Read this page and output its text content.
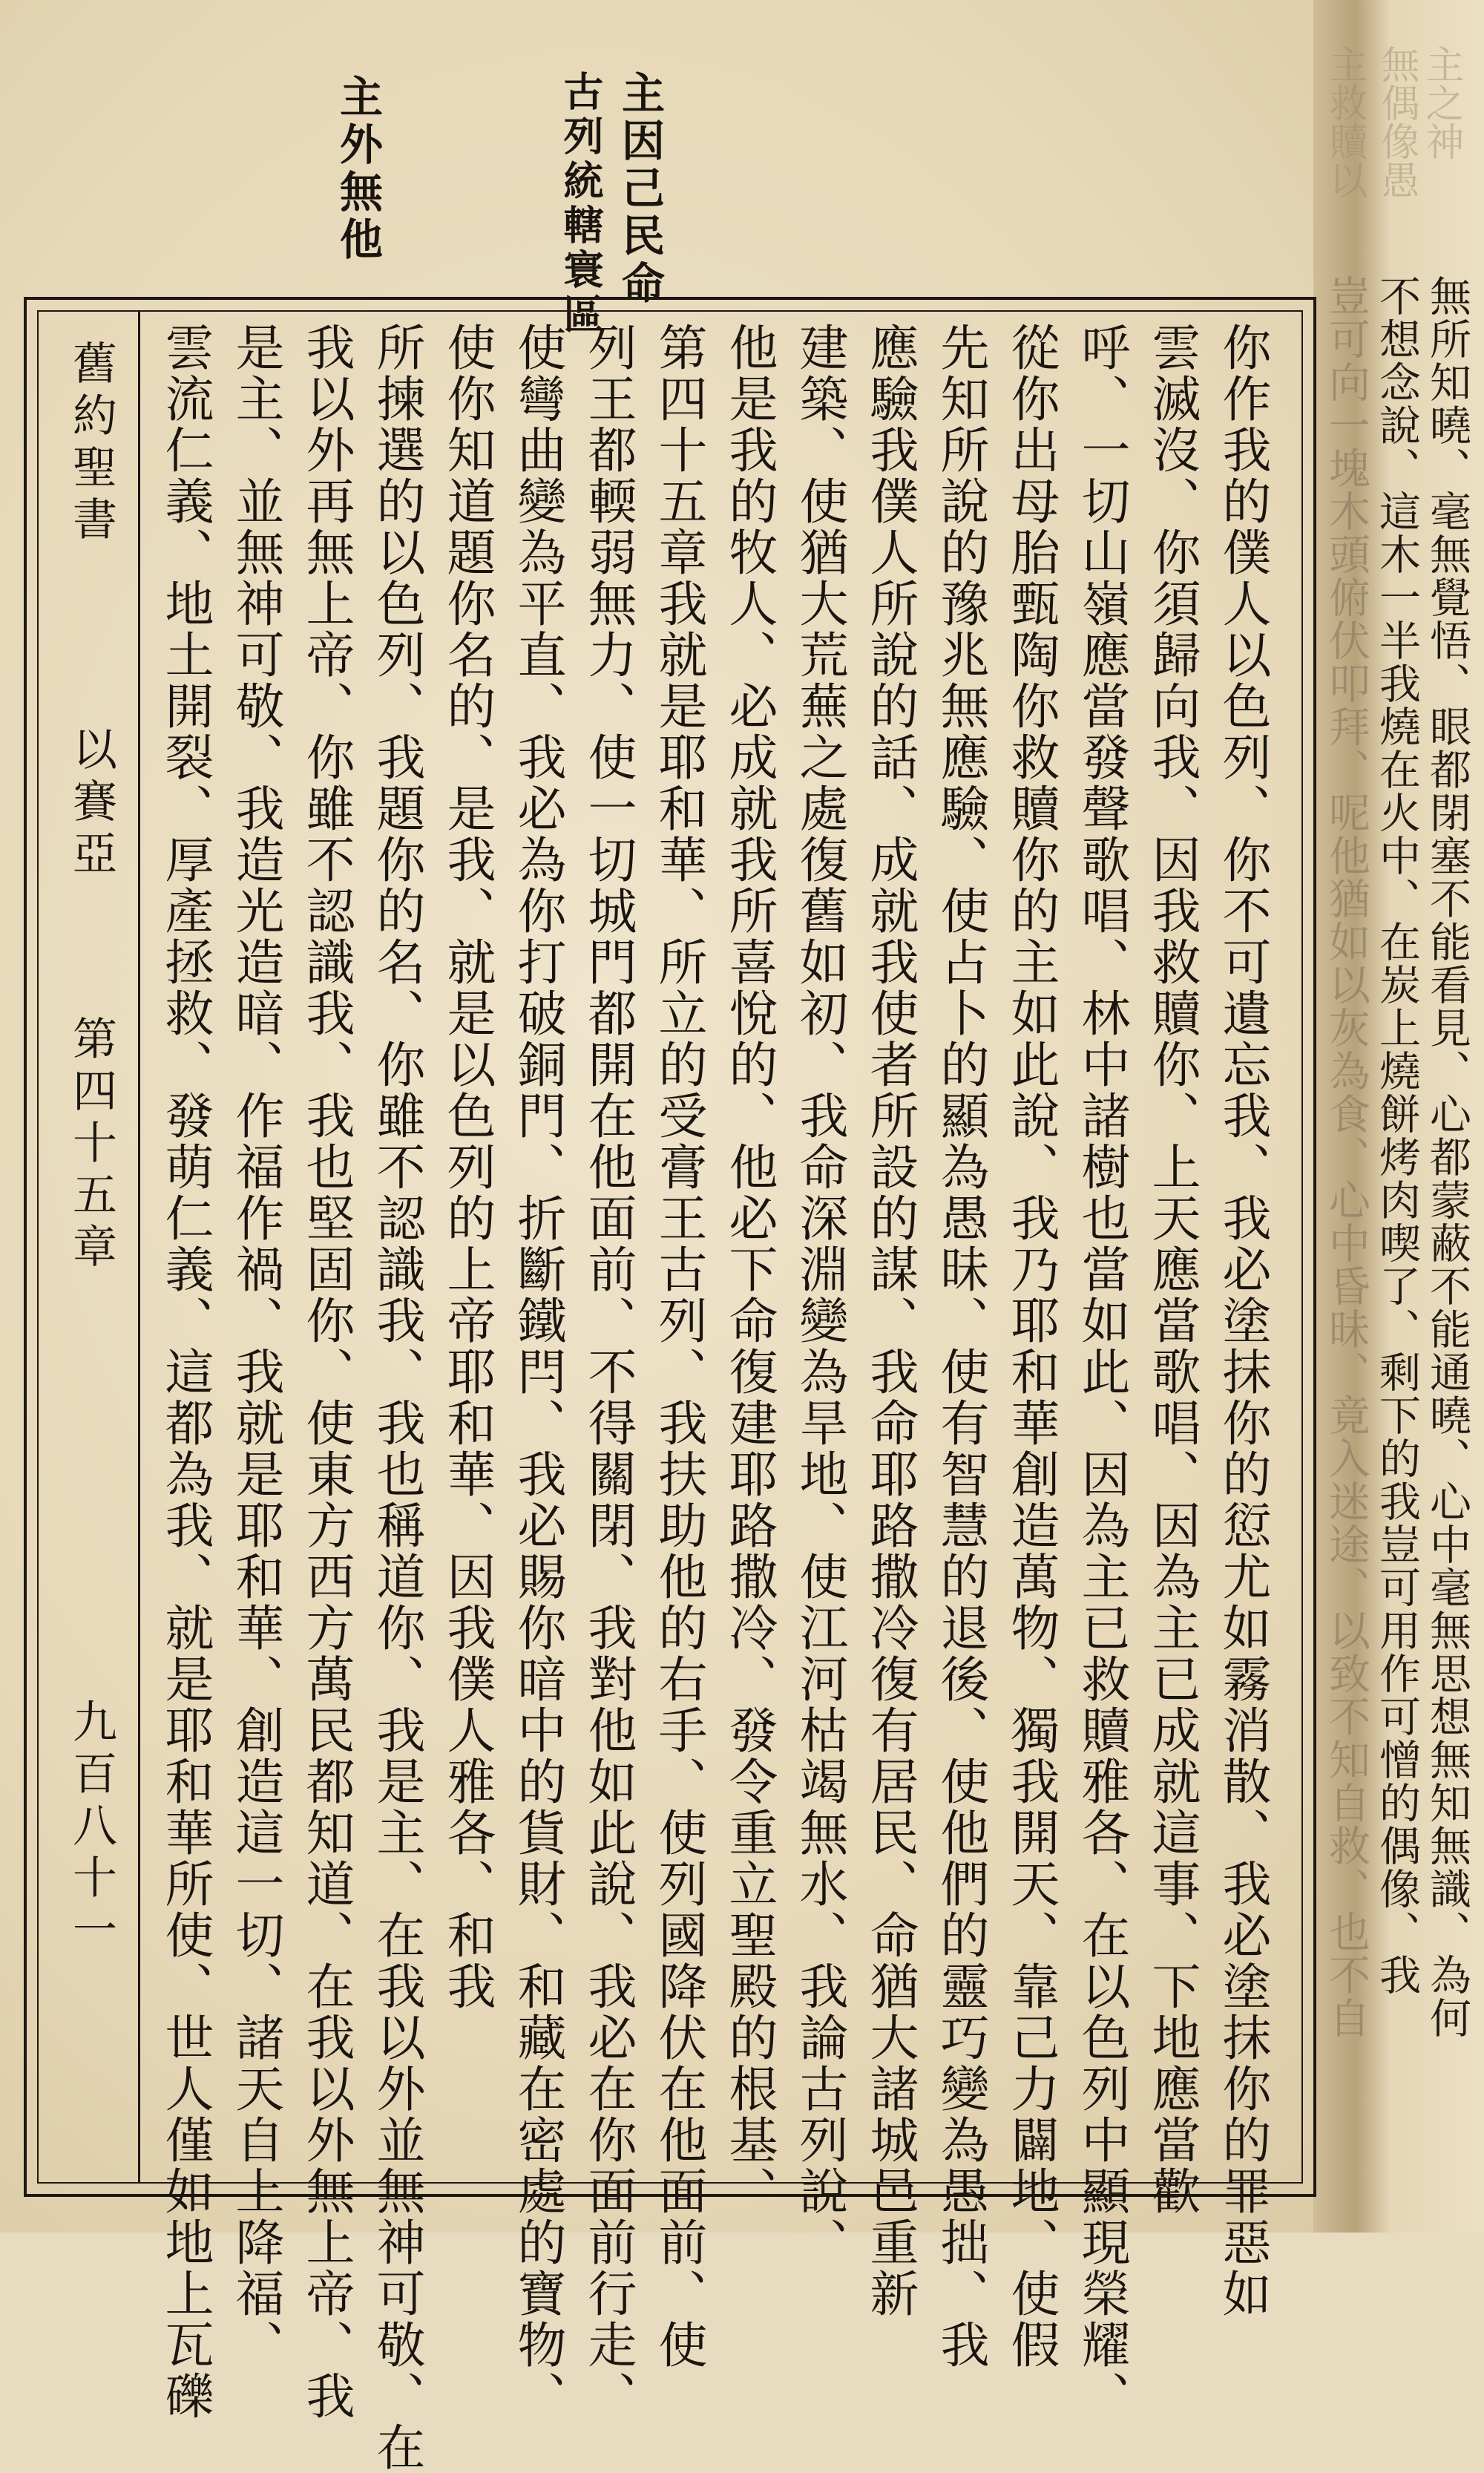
主救贖以 無偶像愚 主之神
無所知曉、毫無覺悟、眼都閉塞不能看見、心都蒙蔽不能通曉、心中毫無思想無知無識、為何
不想念說、這木一半我燒在火中、在炭上燒餅烤肉喫了、剩下的我豈可用作可憎的偶像、我
豈可向一塊木頭俯伏叩拜、呢他猶如以灰為食、心中昏昧、竟入迷途、以致不知自救、也不自
主因己民命
古列統轄寰區
主外無他
舊約聖書
以賽亞
第四十五章
九百八十一	你作我的僕人以色列、你不可遺忘我、我必塗抹你的愆尤如霧消散、我必塗抹你的罪惡如
雲滅沒、你須歸向我、因我救贖你、上天應當歌唱、因為主已成就這事、下地應當歡
呼、一切山嶺應當發聲歌唱、林中諸樹也當如此、因為主已救贖雅各、在以色列中顯現榮耀、
從你出母胎甄陶你救贖你的主如此說、我乃耶和華創造萬物、獨我開天、靠己力闢地、使假
先知所說的豫兆無應驗、使占卜的顯為愚昧、使有智慧的退後、使他們的靈巧變為愚拙、我
應驗我僕人所說的話、成就我使者所設的謀、我命耶路撒冷復有居民、命猶大諸城邑重新
建築、使猶大荒蕪之處復舊如初、我命深淵變為旱地、使江河枯竭無水、我論古列說、
他是我的牧人、必成就我所喜悅的、他必下命復建耶路撒冷、發令重立聖殿的根基、
第四十五章我就是耶和華、所立的受膏王古列、我扶助他的右手、使列國降伏在他面前、使
列王都輭弱無力、使一切城門都開在他面前、不得關閉、我對他如此說、我必在你面前行走、
使彎曲變為平直、我必為你打破銅門、折斷鐵閂、我必賜你暗中的貨財、和藏在密處的寶物、
使你知道題你名的、是我、就是以色列的上帝耶和華、因我僕人雅各、和我
所揀選的以色列、我題你的名、你雖不認識我、我也稱道你、我是主、在我以外並無神可敬、在
我以外再無上帝、你雖不認識我、我也堅固你、使東方西方萬民都知道、在我以外無上帝、我
是主、並無神可敬、我造光造暗、作福作禍、我就是耶和華、創造這一切、諸天自上降福、
雲流仁義、地土開裂、厚產拯救、發萌仁義、這都為我、就是耶和華所使、世人僅如地上瓦礫
